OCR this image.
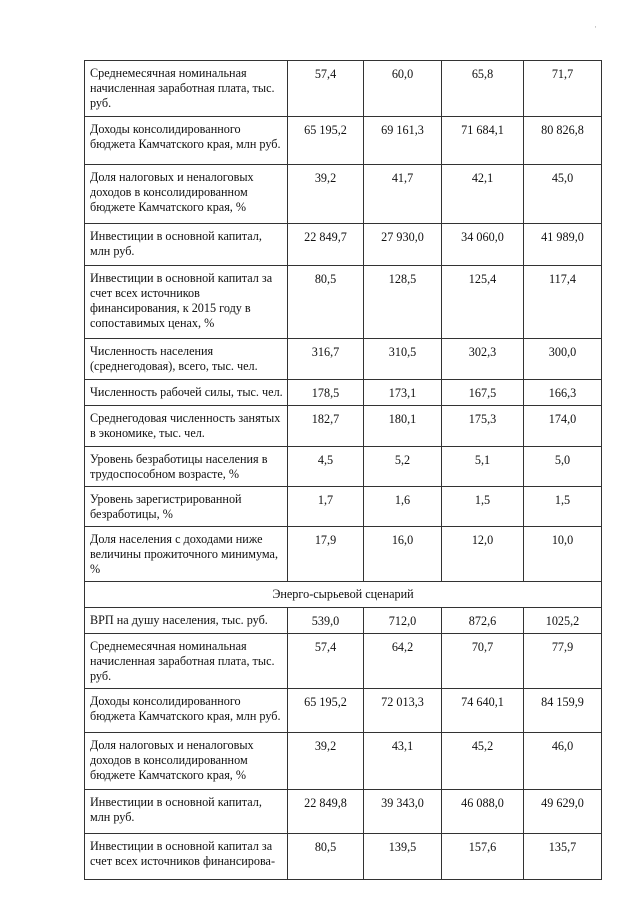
·
Среднемесячная номинальная начисленная заработная плата, тыс. руб.	57,4	60,0	65,8	71,7
Доходы консолидированного бюджета Камчатского края, млн руб.	65 195,2	69 161,3	71 684,1	80 826,8
Доля налоговых и неналоговых доходов в консолидированном бюджете Камчатского края, %	39,2	41,7	42,1	45,0
Инвестиции в основной капитал, млн руб.	22 849,7	27 930,0	34 060,0	41 989,0
Инвестиции в основной капитал за счет всех источников финансирования, к 2015 году в сопоставимых ценах, %	80,5	128,5	125,4	117,4
Численность населения (среднегодовая), всего, тыс. чел.	316,7	310,5	302,3	300,0
Численность рабочей силы, тыс. чел.	178,5	173,1	167,5	166,3
Среднегодовая численность занятых в экономике, тыс. чел.	182,7	180,1	175,3	174,0
Уровень безработицы населения в трудоспособном возрасте, %	4,5	5,2	5,1	5,0
Уровень зарегистрированной безработицы, %	1,7	1,6	1,5	1,5
Доля населения с доходами ниже величины прожиточного минимума, %	17,9	16,0	12,0	10,0
Энерго-сырьевой сценарий				
ВРП на душу населения, тыс. руб.	539,0	712,0	872,6	1025,2
Среднемесячная номинальная начисленная заработная плата, тыс. руб.	57,4	64,2	70,7	77,9
Доходы консолидированного бюджета Камчатского края, млн руб.	65 195,2	72 013,3	74 640,1	84 159,9
Доля налоговых и неналоговых доходов в консолидированном бюджете Камчатского края, %	39,2	43,1	45,2	46,0
Инвестиции в основной капитал, млн руб.	22 849,8	39 343,0	46 088,0	49 629,0
Инвестиции в основной капитал за счет всех источников финансирова-	80,5	139,5	157,6	135,7
